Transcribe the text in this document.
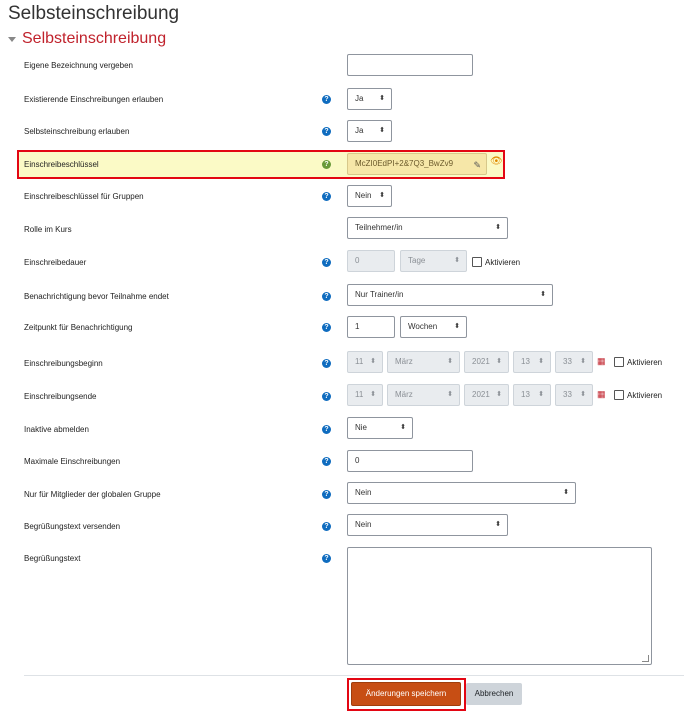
Selbsteinschreibung
Selbsteinschreibung
Eigene Bezeichnung vergeben
Existierende Einschreibungen erlauben	?	Ja ⬍
Selbsteinschreibung erlauben	?	Ja ⬍
Einschreibeschlüssel	?	McZI0EdPI+2&7Q3_BwZv9 ✎ 👁
Einschreibeschlüssel für Gruppen	?	Nein ⬍
Rolle im Kurs	Teilnehmer/in	⬍
Einschreibedauer	?	0	Tage	⬍	Aktivieren
Benachrichtigung bevor Teilnahme endet	?	Nur Trainer/in	⬍
Zeitpunkt für Benachrichtigung	?	1	Wochen ⬍
Einschreibungsbeginn	?	11 ⬍	März	⬍	2021 ⬍	13 ⬍	33 ⬍ ▦	Aktivieren
Einschreibungsende	?	11 ⬍	März	⬍	2021 ⬍	13 ⬍	33 ⬍ ▦	Aktivieren
Inaktive abmelden	?	Nie	⬍
Maximale Einschreibungen	?	0
Nur für Mitglieder der globalen Gruppe	?	Nein	⬍
Begrüßungstext versenden	?	Nein	⬍
Begrüßungstext	?
Änderungen speichern	Abbrechen
